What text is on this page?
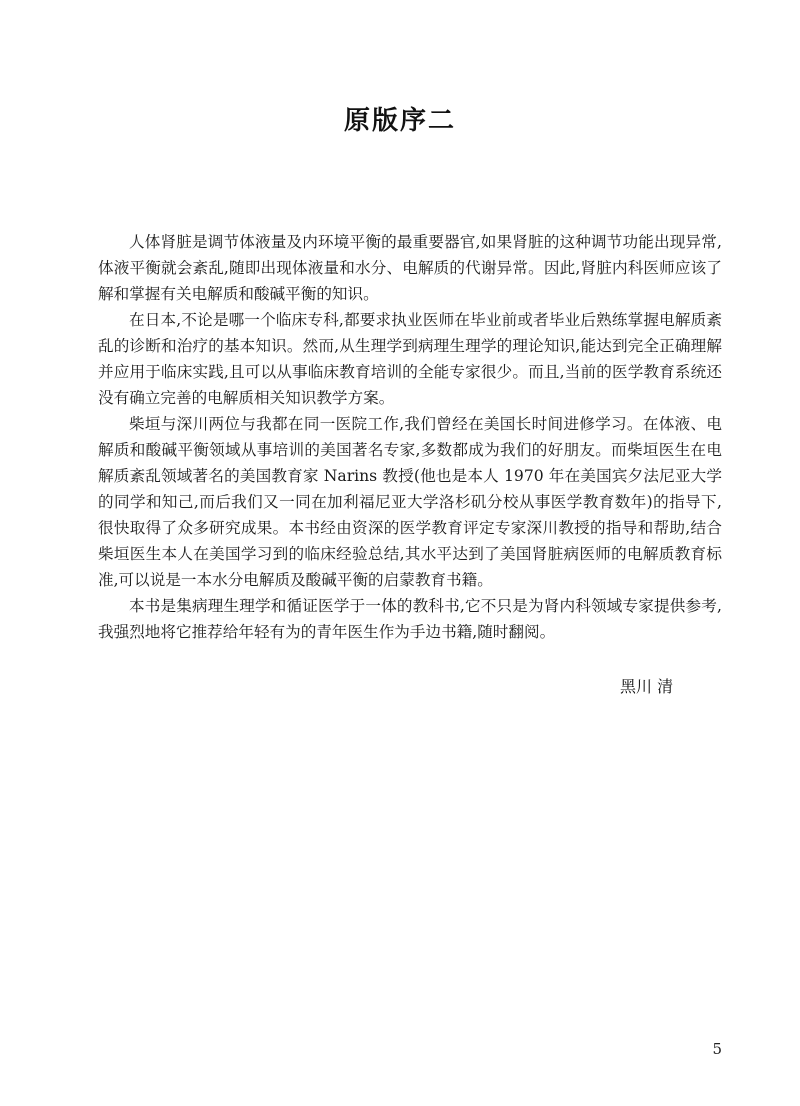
原版序二

人体肾脏是调节体液量及内环境平衡的最重要器官,如果肾脏的这种调节功能出现异常,体液平衡就会紊乱,随即出现体液量和水分、电解质的代谢异常。因此,肾脏内科医师应该了解和掌握有关电解质和酸碱平衡的知识。

在日本,不论是哪一个临床专科,都要求执业医师在毕业前或者毕业后熟练掌握电解质紊乱的诊断和治疗的基本知识。然而,从生理学到病理生理学的理论知识,能达到完全正确理解并应用于临床实践,且可以从事临床教育培训的全能专家很少。而且,当前的医学教育系统还没有确立完善的电解质相关知识教学方案。

柴垣与深川两位与我都在同一医院工作,我们曾经在美国长时间进修学习。在体液、电解质和酸碱平衡领域从事培训的美国著名专家,多数都成为我们的好朋友。而柴垣医生在电解质紊乱领域著名的美国教育家 Narins 教授(他也是本人 1970 年在美国宾夕法尼亚大学的同学和知己,而后我们又一同在加利福尼亚大学洛杉矶分校从事医学教育数年)的指导下,很快取得了众多研究成果。本书经由资深的医学教育评定专家深川教授的指导和帮助,结合柴垣医生本人在美国学习到的临床经验总结,其水平达到了美国肾脏病医师的电解质教育标准,可以说是一本水分电解质及酸碱平衡的启蒙教育书籍。

本书是集病理生理学和循证医学于一体的教科书,它不只是为肾内科领域专家提供参考,我强烈地将它推荐给年轻有为的青年医生作为手边书籍,随时翻阅。

黑川 清
5
